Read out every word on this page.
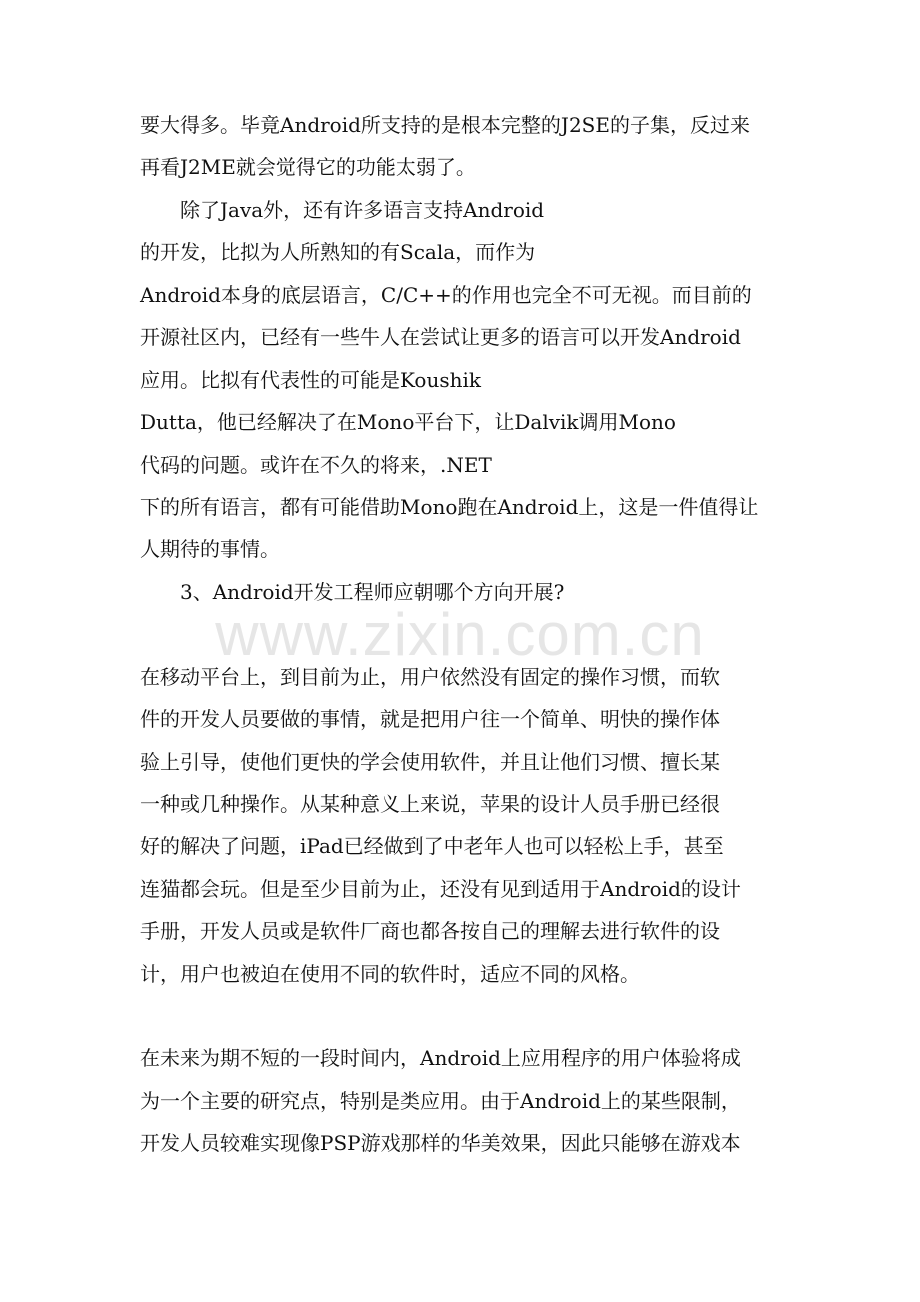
www.zixin.com.cn
要大得多。毕竟Android所支持的是根本完整的J2SE的子集，反过来
再看J2ME就会觉得它的功能太弱了。
除了Java外，还有许多语言支持Android
的开发，比拟为人所熟知的有Scala，而作为
Android本身的底层语言，C/C++的作用也完全不可无视。而目前的
开源社区内，已经有一些牛人在尝试让更多的语言可以开发Android
应用。比拟有代表性的可能是Koushik
Dutta，他已经解决了在Mono平台下，让Dalvik调用Mono
代码的问题。或许在不久的将来，.NET
下的所有语言，都有可能借助Mono跑在Android上，这是一件值得让
人期待的事情。
3、Android开发工程师应朝哪个方向开展?
在移动平台上，到目前为止，用户依然没有固定的操作习惯，而软
件的开发人员要做的事情，就是把用户往一个简单、明快的操作体
验上引导，使他们更快的学会使用软件，并且让他们习惯、擅长某
一种或几种操作。从某种意义上来说，苹果的设计人员手册已经很
好的解决了问题，iPad已经做到了中老年人也可以轻松上手，甚至
连猫都会玩。但是至少目前为止，还没有见到适用于Android的设计
手册，开发人员或是软件厂商也都各按自己的理解去进行软件的设
计，用户也被迫在使用不同的软件时，适应不同的风格。
在未来为期不短的一段时间内，Android上应用程序的用户体验将成
为一个主要的研究点，特别是类应用。由于Android上的某些限制，
开发人员较难实现像PSP游戏那样的华美效果，因此只能够在游戏本
